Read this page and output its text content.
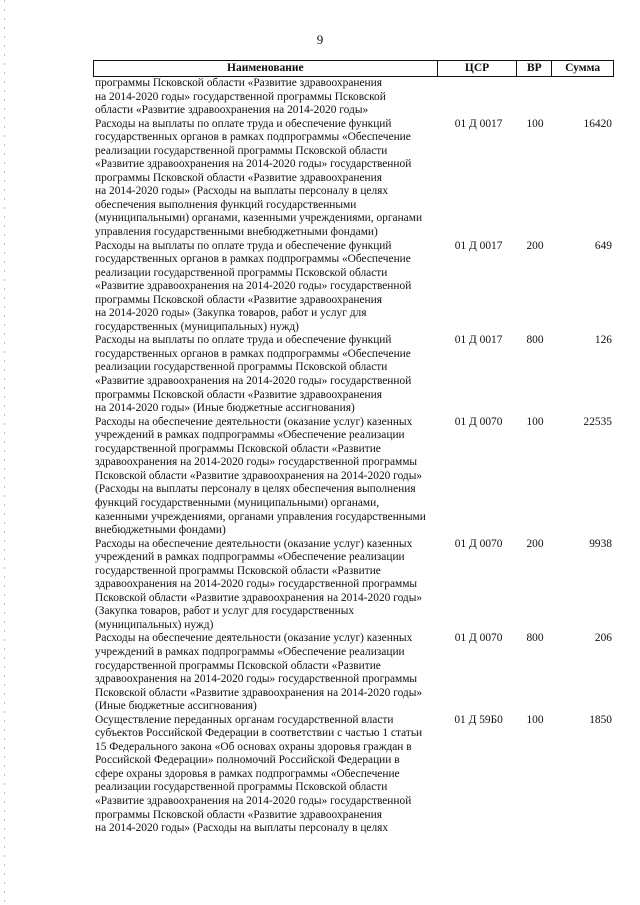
9
Наименование	ЦСР	ВР	Сумма
программы Псковской области «Развитие здравоохранения
на 2014-2020 годы» государственной программы Псковской
области «Развитие здравоохранения на 2014-2020 годы»
Расходы на выплаты по оплате труда и обеспечение функций
государственных органов в рамках подпрограммы «Обеспечение
реализации государственной программы Псковской области
«Развитие здравоохранения на 2014-2020 годы» государственной
программы Псковской области «Развитие здравоохранения
на 2014-2020 годы» (Расходы на выплаты персоналу в целях
обеспечения выполнения функций государственными
(муниципальными) органами, казенными учреждениями, органами
управления государственными внебюджетными фондами)
01 Д 0017	100	16420
Расходы на выплаты по оплате труда и обеспечение функций
государственных органов в рамках подпрограммы «Обеспечение
реализации государственной программы Псковской области
«Развитие здравоохранения на 2014-2020 годы» государственной
программы Псковской области «Развитие здравоохранения
на 2014-2020 годы» (Закупка товаров, работ и услуг для
государственных (муниципальных) нужд)
01 Д 0017	200	649
Расходы на выплаты по оплате труда и обеспечение функций
государственных органов в рамках подпрограммы «Обеспечение
реализации государственной программы Псковской области
«Развитие здравоохранения на 2014-2020 годы» государственной
программы Псковской области «Развитие здравоохранения
на 2014-2020 годы» (Иные бюджетные ассигнования)
01 Д 0017	800	126
Расходы на обеспечение деятельности (оказание услуг) казенных
учреждений в рамках подпрограммы «Обеспечение реализации
государственной программы Псковской области «Развитие
здравоохранения на 2014-2020 годы» государственной программы
Псковской области «Развитие здравоохранения на 2014-2020 годы»
(Расходы на выплаты персоналу в целях обеспечения выполнения
функций государственными (муниципальными) органами,
казенными учреждениями, органами управления государственными
внебюджетными фондами)
01 Д 0070	100	22535
Расходы на обеспечение деятельности (оказание услуг) казенных
учреждений в рамках подпрограммы «Обеспечение реализации
государственной программы Псковской области «Развитие
здравоохранения на 2014-2020 годы» государственной программы
Псковской области «Развитие здравоохранения на 2014-2020 годы»
(Закупка товаров, работ и услуг для государственных
(муниципальных) нужд)
01 Д 0070	200	9938
Расходы на обеспечение деятельности (оказание услуг) казенных
учреждений в рамках подпрограммы «Обеспечение реализации
государственной программы Псковской области «Развитие
здравоохранения на 2014-2020 годы» государственной программы
Псковской области «Развитие здравоохранения на 2014-2020 годы»
(Иные бюджетные ассигнования)
01 Д 0070	800	206
Осуществление переданных органам государственной власти
субъектов Российской Федерации в соответствии с частью 1 статьи
15 Федерального закона «Об основах охраны здоровья граждан в
Российской Федерации» полномочий Российской Федерации в
сфере охраны здоровья в рамках подпрограммы «Обеспечение
реализации государственной программы Псковской области
«Развитие здравоохранения на 2014-2020 годы» государственной
программы Псковской области «Развитие здравоохранения
на 2014-2020 годы» (Расходы на выплаты персоналу в целях
01 Д 59Б0	100	1850
